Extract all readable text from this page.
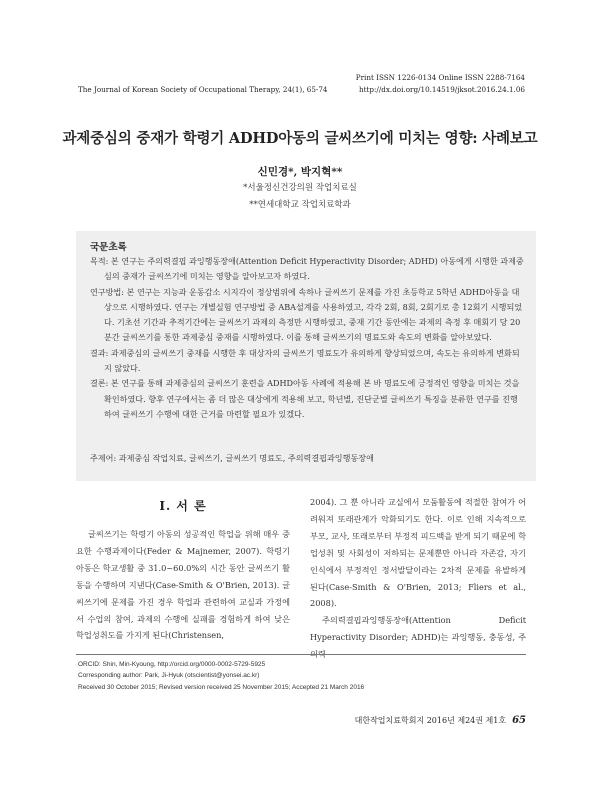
The Journal of Korean Society of Occupational Therapy, 24(1), 65-74
Print ISSN 1226-0134 Online ISSN 2288-7164
http://dx.doi.org/10.14519/jksot.2016.24.1.06
과제중심의 중재가 학령기 ADHD아동의 글씨쓰기에 미치는 영향: 사례보고
신민경*, 박지혁**
*서울정신건강의원 작업치료실
**연세대학교 작업치료학과
국문초록

목적: 본 연구는 주의력결핍 과잉행동장애(Attention Deficit Hyperactivity Disorder; ADHD) 아동에게 시행한 과제중심의 중재가 글씨쓰기에 미치는 영향을 알아보고자 하였다.

연구방법: 본 연구는 지능과 운동감소 시지각이 정상범위에 속하나 글씨쓰기 문제를 가진 초등학교 5학년 ADHD아동을 대상으로 시행하였다. 연구는 개별실험 연구방법 중 ABA설계를 사용하였고, 각각 2회, 8회, 2회기로 총 12회기 시행되었다. 기초선 기간과 추적기간에는 글씨쓰기 과제의 측정만 시행하였고, 중재 기간 동안에는 과제의 측정 후 매회기 당 20분간 글씨쓰기를 통한 과제중심 중재를 시행하였다. 이를 통해 글씨쓰기의 명료도와 속도의 변화를 알아보았다.

결과: 과제중심의 글씨쓰기 중재를 시행한 후 대상자의 글씨쓰기 명료도가 유의하게 향상되었으며, 속도는 유의하게 변화되지 않았다.

결론: 본 연구를 통해 과제중심의 글씨쓰기 훈련을 ADHD아동 사례에 적용해 본 바 명료도에 긍정적인 영향을 미치는 것을 확인하였다. 향후 연구에서는 좀 더 많은 대상에게 적용해 보고, 학년별, 진단군별 글씨쓰기 특징을 분류한 연구를 진행하여 글씨쓰기 수행에 대한 근거를 마련할 필요가 있겠다.

주제어: 과제중심 작업치료, 글씨쓰기, 글씨쓰기 명료도, 주의력결핍과잉행동장애
Ⅰ. 서 론

글씨쓰기는 학령기 아동의 성공적인 학업을 위해 매우 중요한 수행과제이다(Feder & Majnemer, 2007). 학령기 아동은 학교생활 중 31.0~60.0%의 시간 동안 글씨쓰기 활동을 수행하며 지낸다(Case-Smith & O'Brien, 2013). 글씨쓰기에 문제를 가진 경우 학업과 관련하여 교실과 가정에서 수업의 참여, 과제의 수행에 실패를 경험하게 하여 낮은 학업성취도를 가지게 된다(Christensen,

2004). 그 뿐 아니라 교실에서 모둠활동에 적절한 참여가 어려워져 또래관계가 악화되기도 한다. 이로 인해 지속적으로 부모, 교사, 또래로부터 부정적 피드백을 받게 되기 때문에 학업성취 및 사회성이 저하되는 문제뿐만 아니라 자존감, 자기인식에서 부정적인 정서발달이라는 2차적 문제를 유발하게 된다(Case-Smith & O'Brien, 2013; Fliers et al., 2008).

주의력결핍과잉행동장애(Attention Deficit Hyperactivity Disorder; ADHD)는 과잉행동, 충동성, 주의력

ORCID: Shin, Min-Kyoung, http://orcid.org/0000-0002-5729-5925
Corresponding author: Park, Ji-Hyuk (otscientist@yonsei.ac.kr)
Received 30 October 2015; Revised version received 25 November 2015; Accepted 21 March 2016
대한작업치료학회지 2016년 제24권 제1호 65
